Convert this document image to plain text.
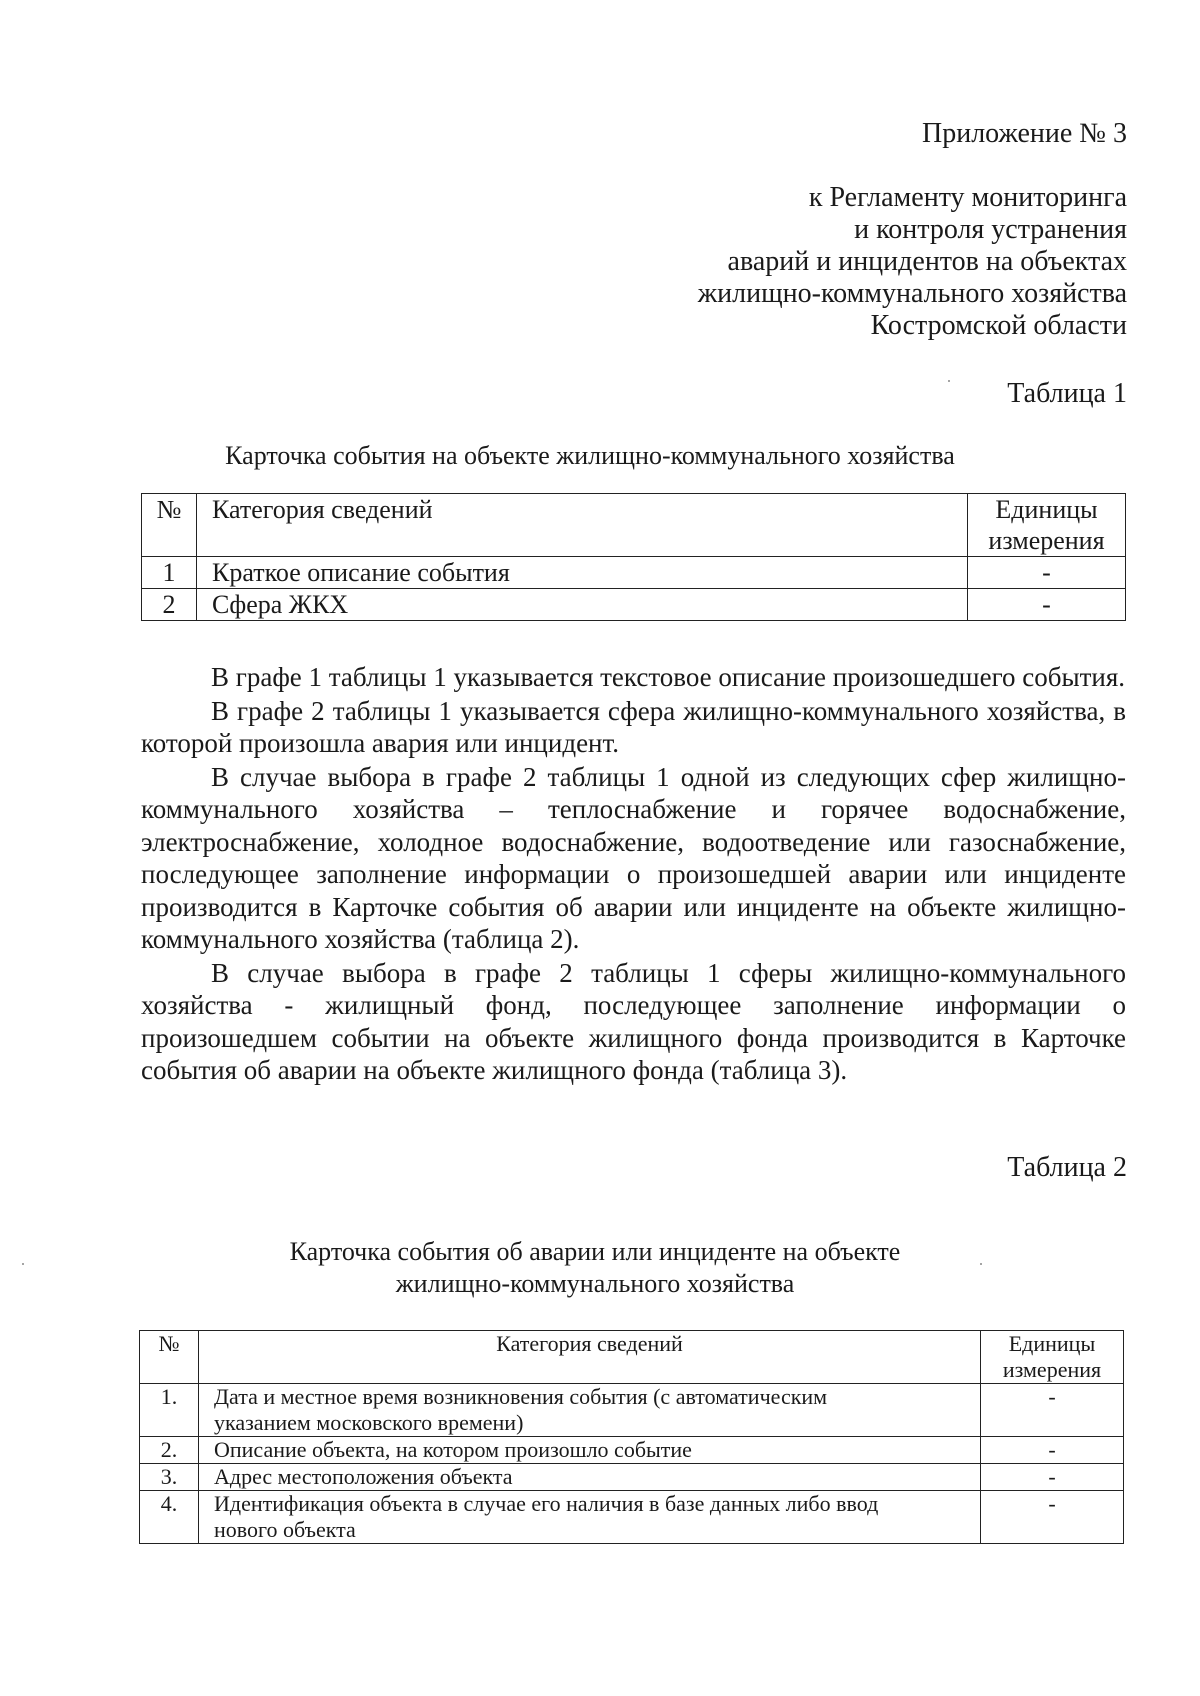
Приложение № 3
к Регламенту мониторинга
и контроля устранения
аварий и инцидентов на объектах
жилищно-коммунального хозяйства
Костромской области
Таблица 1
Карточка события на объекте жилищно-коммунального хозяйства
№	Категория сведений	Единицы
измерения

1	Краткое описание события	-
2	Сфера ЖКХ	-

В графе 1 таблицы 1 указывается текстовое описание произошедшего события.

В графе 2 таблицы 1 указывается сфера жилищно-коммунального хозяйства, в которой произошла авария или инцидент.

В случае выбора в графе 2 таблицы 1 одной из следующих сфер жилищно-коммунального хозяйства – теплоснабжение и горячее водоснабжение, электроснабжение, холодное водоснабжение, водоотведение или газоснабжение, последующее заполнение информации о произошедшей аварии или инциденте производится в Карточке события об аварии или инциденте на объекте жилищно-коммунального хозяйства (таблица 2).

В случае выбора в графе 2 таблицы 1 сферы жилищно-коммунального хозяйства - жилищный фонд, последующее заполнение информации о произошедшем событии на объекте жилищного фонда производится в Карточке события об аварии на объекте жилищного фонда (таблица 3).

Таблица 2
Карточка события об аварии или инциденте на объекте
жилищно-коммунального хозяйства
№	Категория сведений	Единицы
измерения

1.	Дата и местное время возникновения события (с автоматическим
указанием московского времени)	-
2.	Описание объекта, на котором произошло событие	-
3.	Адрес местоположения объекта	-
4.	Идентификация объекта в случае его наличия в базе данных либо ввод
нового объекта	-
